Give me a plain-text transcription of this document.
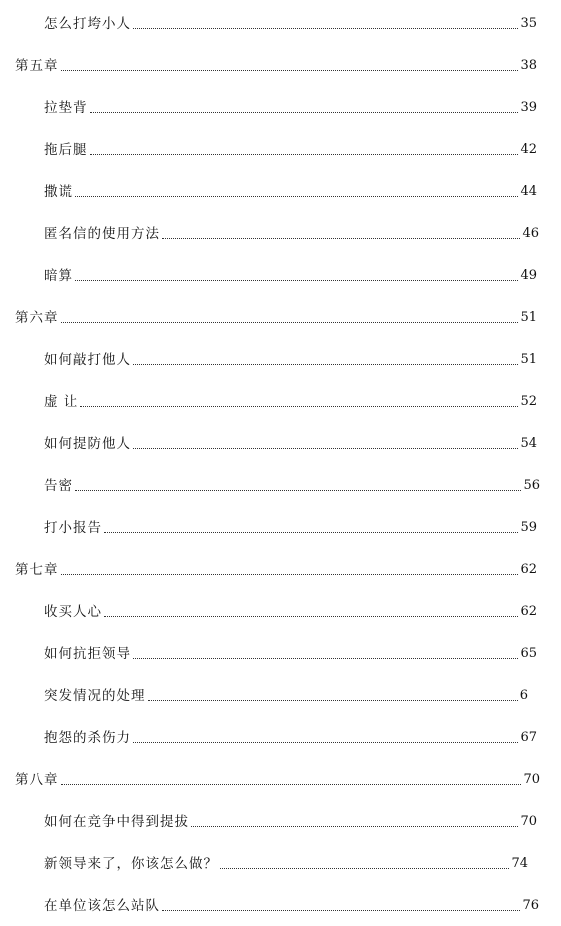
怎么打垮小人	35
第五章	38
拉垫背	39
拖后腿	42
撒谎	44
匿名信的使用方法	46
暗算	49
第六章	51
如何敲打他人	51
虚 让	52
如何提防他人	54
告密	56
打小报告	59
第七章	62
收买人心	62
如何抗拒领导	65
突发情况的处理	6
抱怨的杀伤力	67
第八章	70
如何在竞争中得到提拔	70
新领导来了，你该怎么做？	74
在单位该怎么站队	76
